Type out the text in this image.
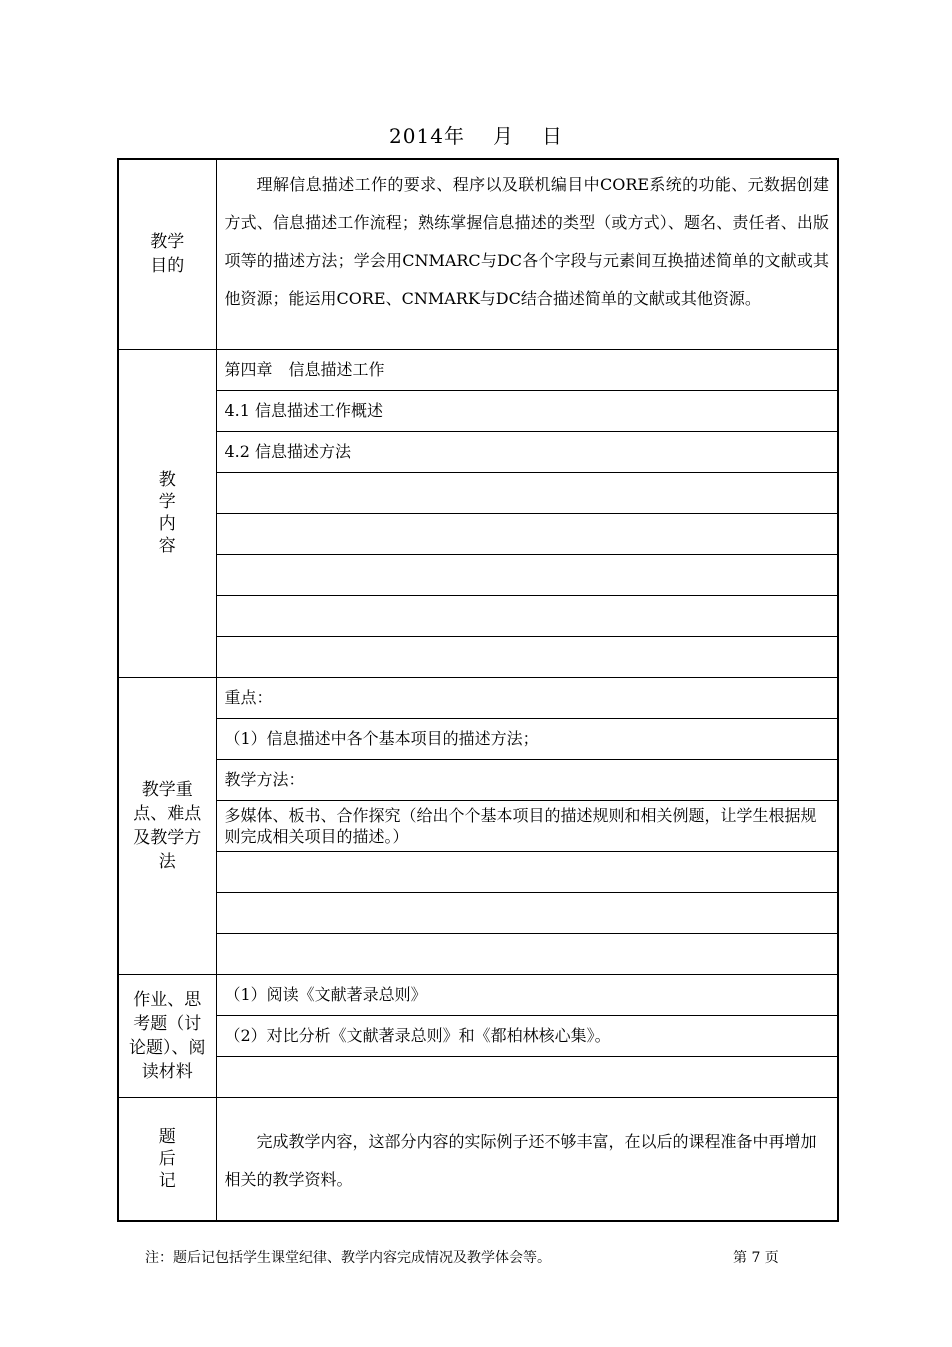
2014年 月 日
教学
目的	理解信息描述工作的要求、程序以及联机编目中CORE系统的功能、元数据创建方式、信息描述工作流程；熟练掌握信息描述的类型（或方式）、题名、责任者、出版项等的描述方法；学会用CNMARC与DC各个字段与元素间互换描述简单的文献或其他资源；能运用CORE、CNMARK与DC结合描述简单的文献或其他资源。

教
学
内
容	第四章　信息描述工作
	4.1 信息描述工作概述
	4.2 信息描述方法

教学重
点、难点
及教学方
法	重点：
	（1）信息描述中各个基本项目的描述方法；
	教学方法：
	多媒体、板书、合作探究（给出个个基本项目的描述规则和相关例题，让学生根据规则完成相关项目的描述。）

作业、思
考题（讨
论题）、阅
读材料	（1）阅读《文献著录总则》
	（2）对比分析《文献著录总则》和《都柏林核心集》。

题
后
记	完成教学内容，这部分内容的实际例子还不够丰富，在以后的课程准备中再增加相关的教学资料。
注：题后记包括学生课堂纪律、教学内容完成情况及教学体会等。	第 7 页
